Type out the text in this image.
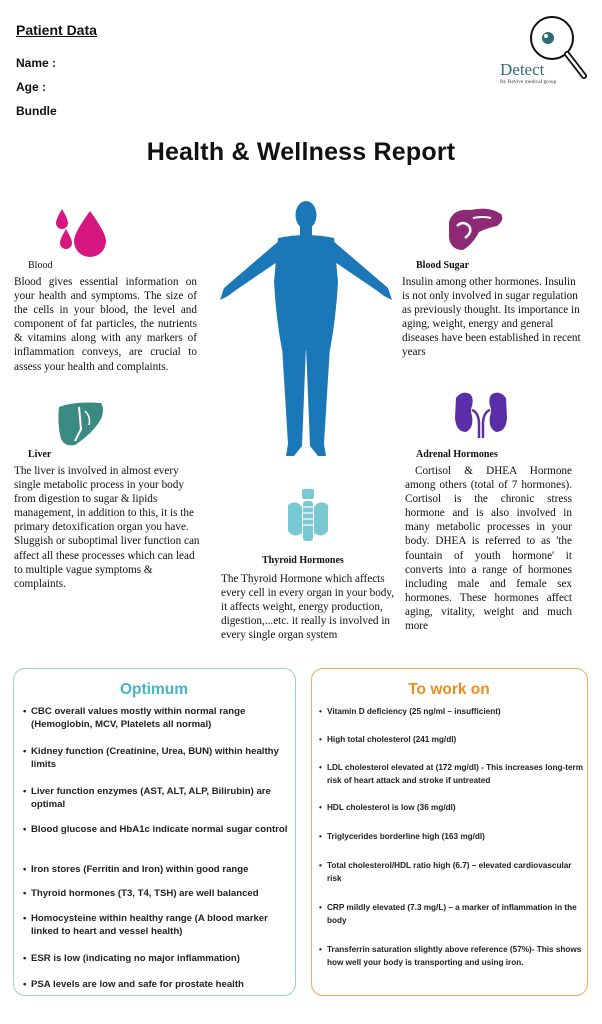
Patient Data
Name :
Age :
Bundle
Detect
By Revive medical group
Health & Wellness Report
Blood
Blood gives essential information on your health and symptoms. The size of the cells in your blood, the level and component of fat particles, the nutrients & vitamins along with any markers of inflammation conveys, are crucial to assess your health and complaints.
Blood Sugar
Insulin among other hormones. Insulin is not only involved in sugar regulation as previously thought. Its importance in aging, weight, energy and general diseases have been established in recent years
Liver
The liver is involved in almost every single metabolic process in your body from digestion to sugar & lipids management, in addition to this, it is the primary detoxification organ you have. Sluggish or suboptimal liver function can affect all these processes which can lead to multiple vague symptoms & complaints.
Adrenal Hormones
Cortisol & DHEA Hormone among others (total of 7 hormones). Cortisol is the chronic stress hormone and is also involved in many metabolic processes in your body. DHEA is referred to as 'the fountain of youth hormone' it converts into a range of hormones including male and female sex hormones. These hormones affect aging, vitality, weight and much more
Thyroid Hormones
The Thyroid Hormone which affects every cell in every organ in your body, it affects weight, energy production, digestion,...etc. it really is involved in every single organ system
Optimum
• CBC overall values mostly within normal range (Hemoglobin, MCV, Platelets all normal)
• Kidney function (Creatinine, Urea, BUN) within healthy limits
• Liver function enzymes (AST, ALT, ALP, Bilirubin) are optimal
• Blood glucose and HbA1c indicate normal sugar control
• Iron stores (Ferritin and Iron) within good range
• Thyroid hormones (T3, T4, TSH) are well balanced
• Homocysteine within healthy range (A blood marker linked to heart and vessel health)
• ESR is low (indicating no major inflammation)
• PSA levels are low and safe for prostate health
To work on
• Vitamin D deficiency (25 ng/ml – insufficient)
• High total cholesterol (241 mg/dl)
• LDL cholesterol elevated at (172 mg/dl) - This increases long-term risk of heart attack and stroke if untreated
• HDL cholesterol is low (36 mg/dl)
• Triglycerides borderline high (163 mg/dl)
• Total cholesterol/HDL ratio high (6.7) – elevated cardiovascular risk
• CRP mildly elevated (7.3 mg/L) – a marker of inflammation in the body
• Transferrin saturation slightly above reference (57%)- This shows how well your body is transporting and using iron.
